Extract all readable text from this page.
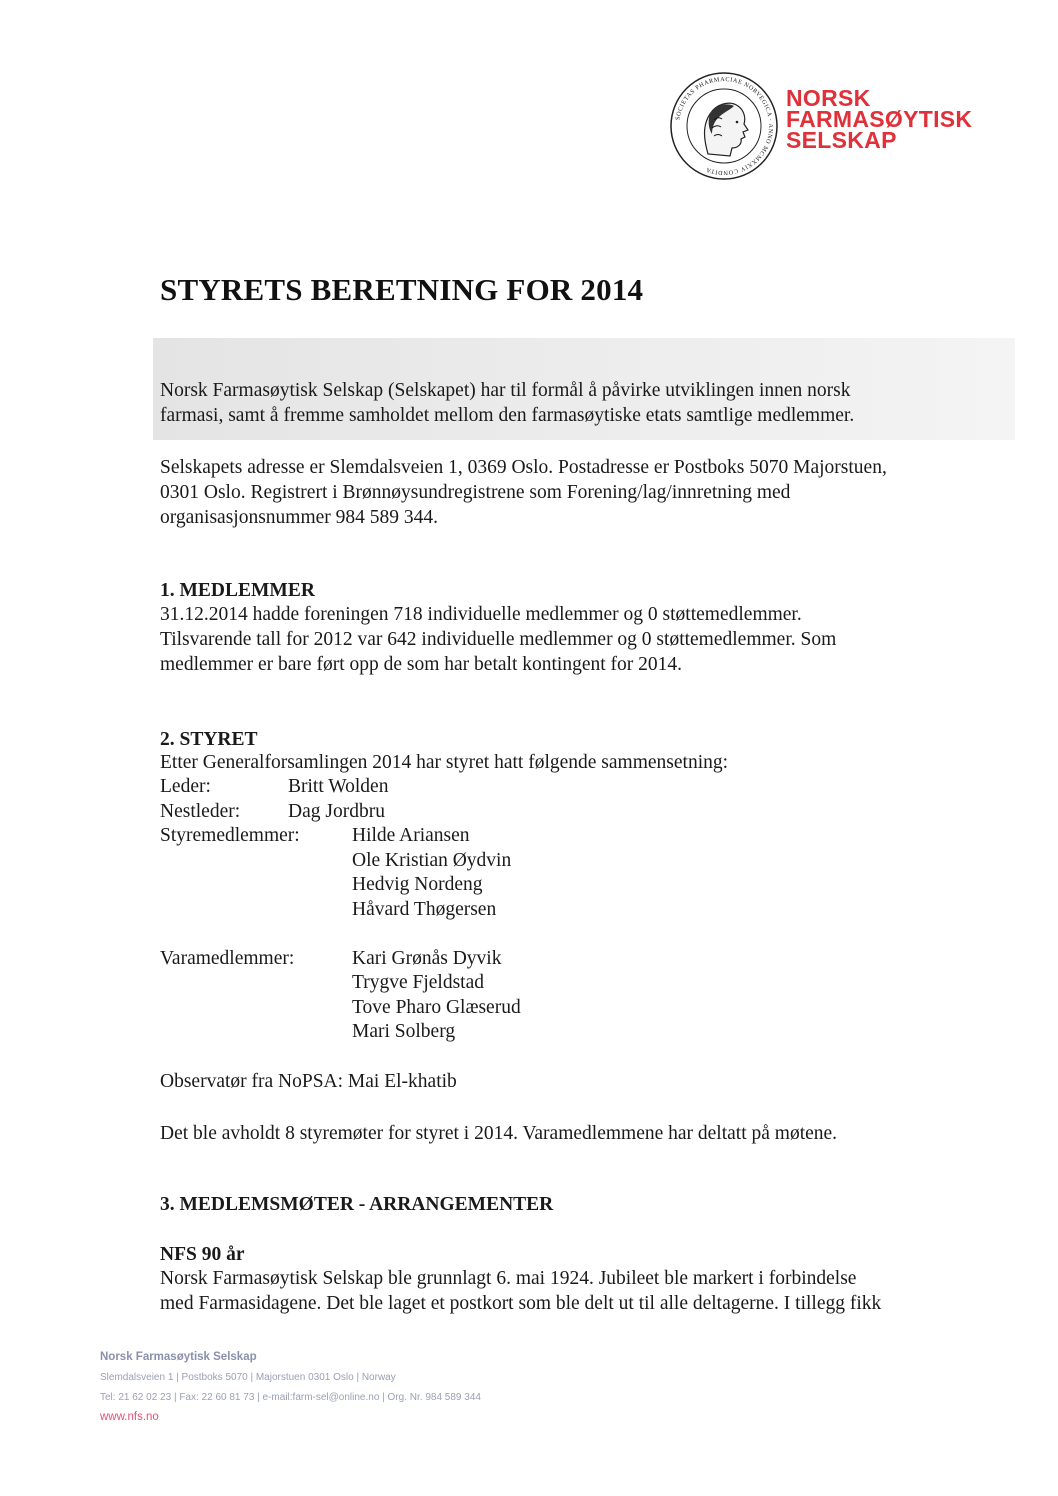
SOCIETAS PHARMACIAE NORVEGICA · ANNO MCMXXIV CONDITA
NORSK
FARMASØYTISK
SELSKAP
STYRETS BERETNING FOR 2014
Norsk Farmasøytisk Selskap (Selskapet) har til formål å påvirke utviklingen innen norsk
farmasi, samt å fremme samholdet mellom den farmasøytiske etats samtlige medlemmer.
Selskapets adresse er Slemdalsveien 1, 0369 Oslo. Postadresse er Postboks 5070 Majorstuen,
0301 Oslo. Registrert i Brønnøysundregistrene som Forening/lag/innretning med
organisasjonsnummer 984 589 344.
1. MEDLEMMER
31.12.2014 hadde foreningen 718 individuelle medlemmer og 0 støttemedlemmer.
Tilsvarende tall for 2012 var 642 individuelle medlemmer og 0 støttemedlemmer. Som
medlemmer er bare ført opp de som har betalt kontingent for 2014.
2. STYRET
Etter Generalforsamlingen 2014 har styret hatt følgende sammensetning:
Leder:	Britt Wolden
Nestleder: Dag Jordbru
Styremedlemmer:	Hilde Ariansen
Ole Kristian Øydvin
Hedvig Nordeng
Håvard Thøgersen
Varamedlemmer:	Kari Grønås Dyvik
Trygve Fjeldstad
Tove Pharo Glæserud
Mari Solberg
Observatør fra NoPSA: Mai El-khatib
Det ble avholdt 8 styremøter for styret i 2014. Varamedlemmene har deltatt på møtene.
3. MEDLEMSMØTER - ARRANGEMENTER
NFS 90 år
Norsk Farmasøytisk Selskap ble grunnlagt 6. mai 1924. Jubileet ble markert i forbindelse
med Farmasidagene. Det ble laget et postkort som ble delt ut til alle deltagerne. I tillegg fikk
Norsk Farmasøytisk Selskap
Slemdalsveien 1 | Postboks 5070 | Majorstuen 0301 Oslo | Norway
Tel: 21 62 02 23 | Fax: 22 60 81 73 | e-mail:farm-sel@online.no | Org. Nr. 984 589 344
www.nfs.no
